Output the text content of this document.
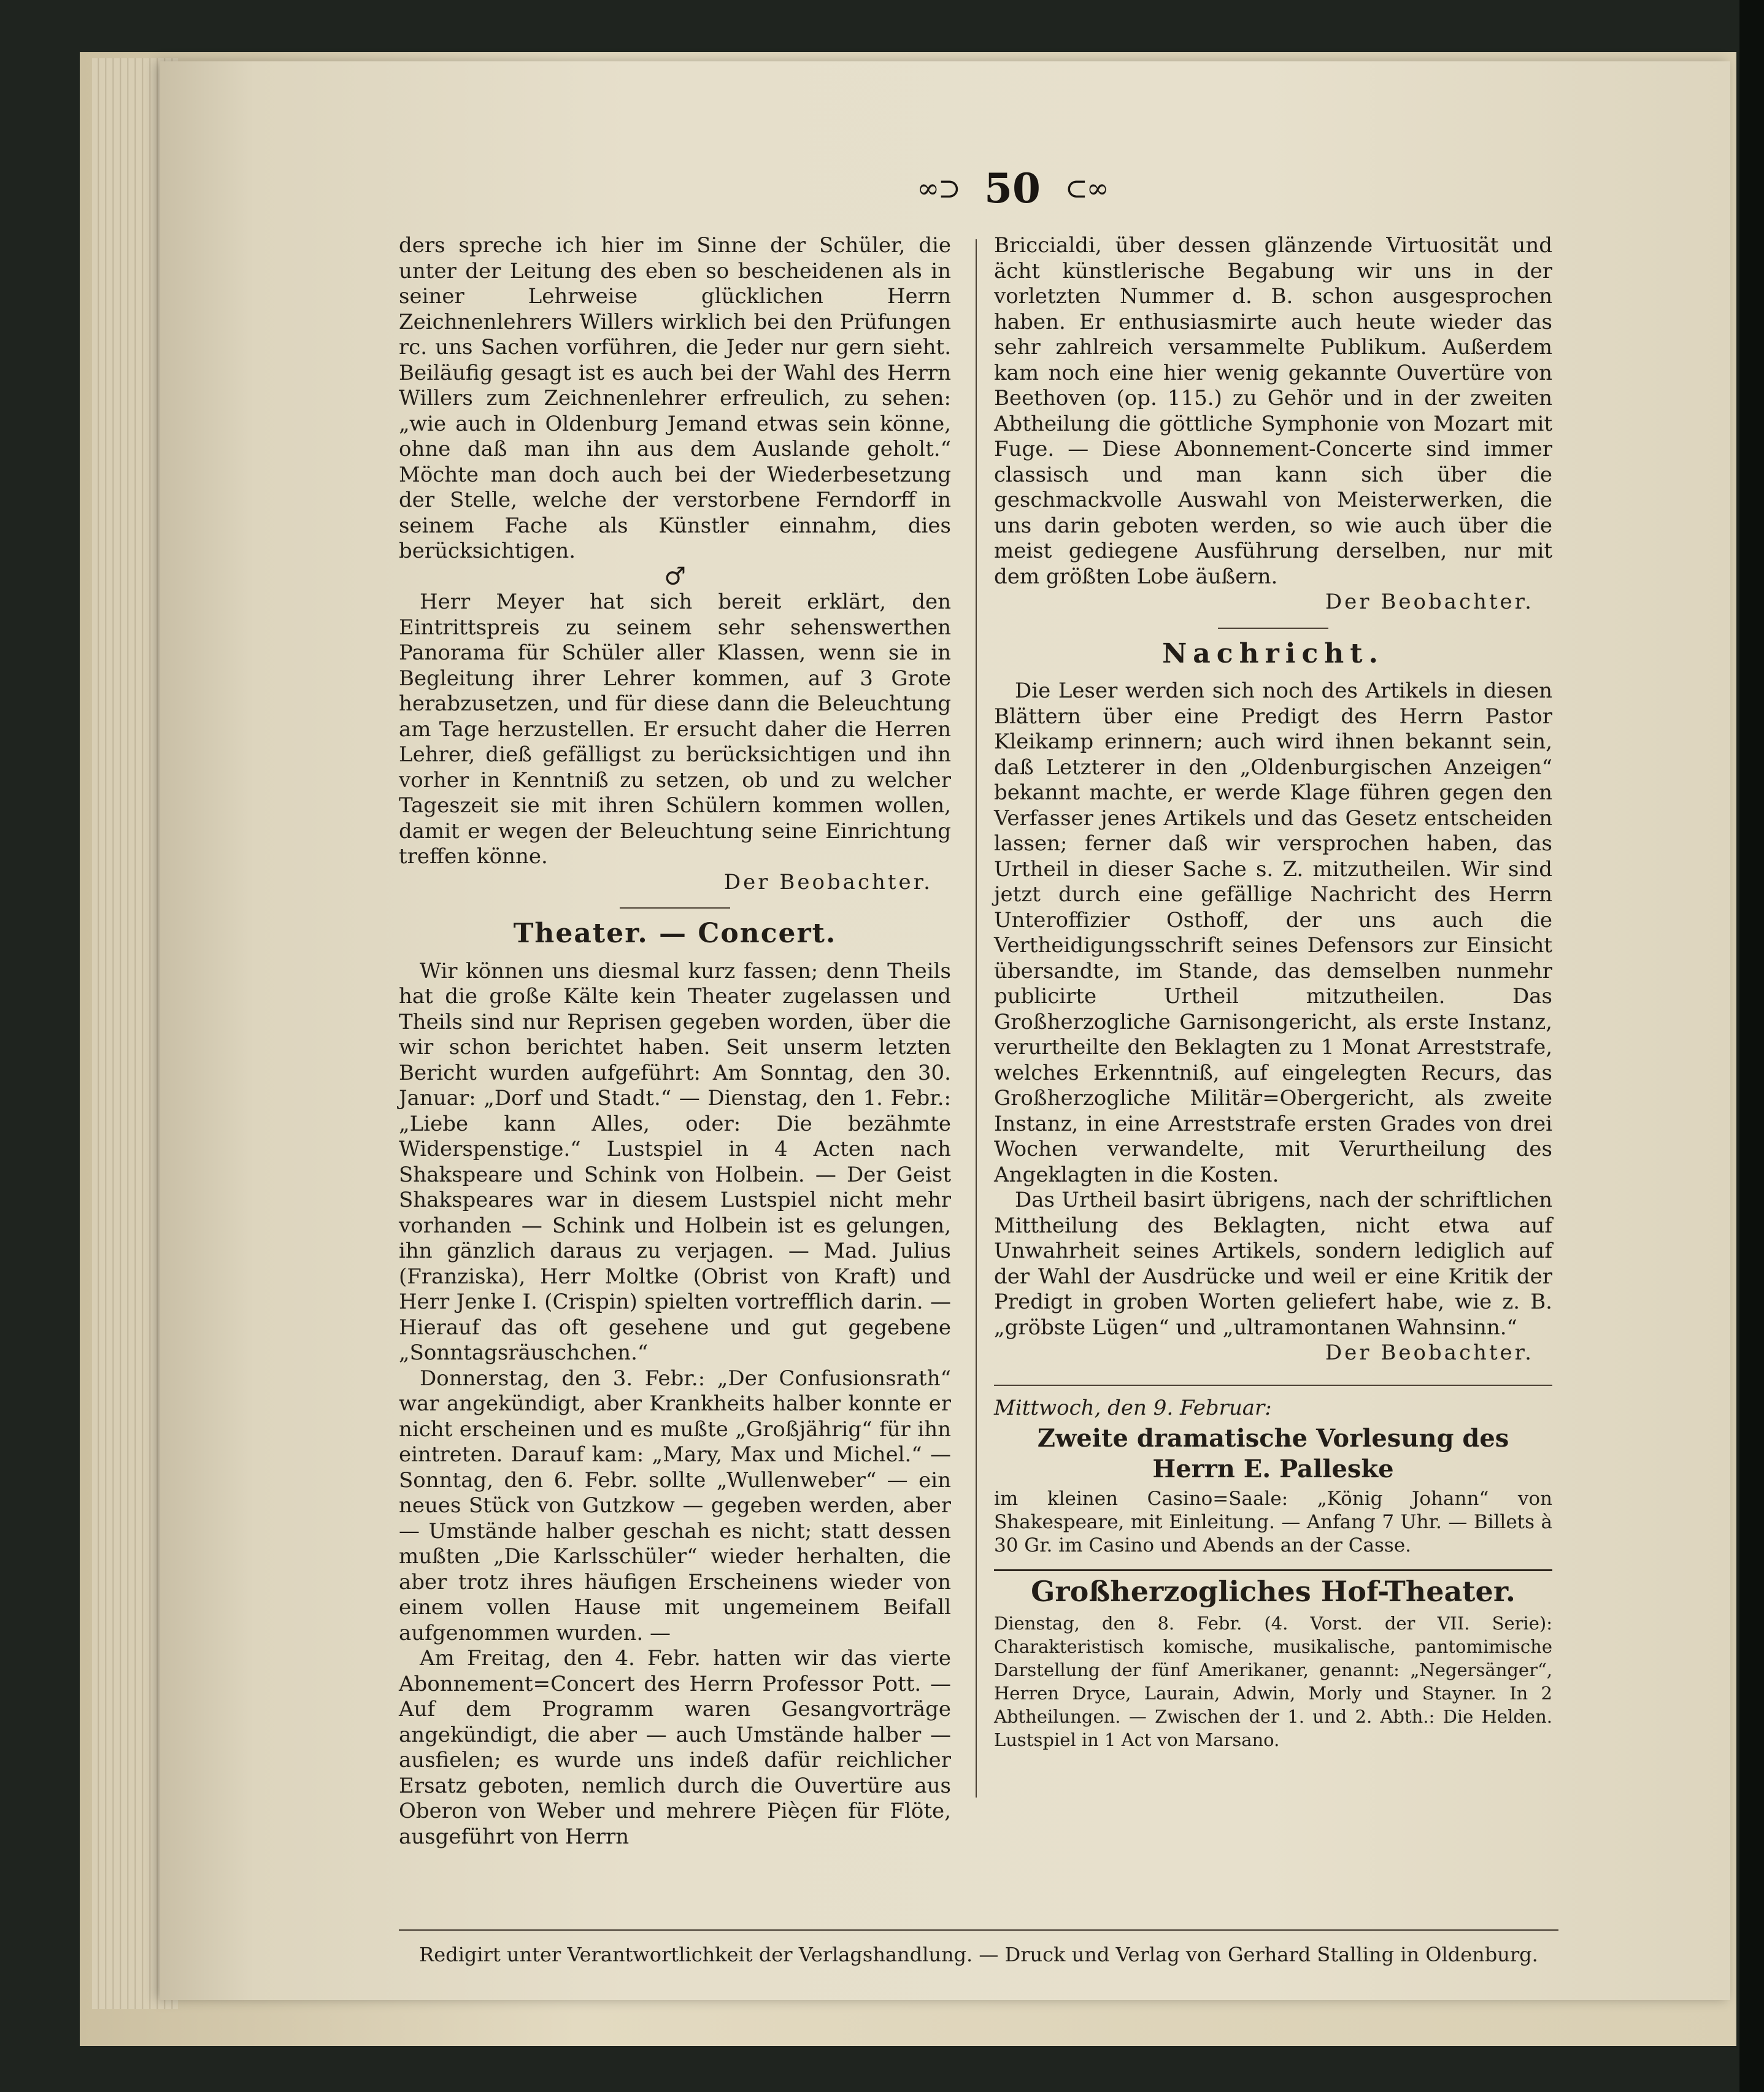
∞⊃ 50 ⊂∞

ders spreche ich hier im Sinne der Schüler, die unter der Leitung des eben so bescheidenen als in seiner Lehrweise glücklichen Herrn Zeichnenlehrers Willers wirklich bei den Prüfungen rc. uns Sachen vorführen, die Jeder nur gern sieht. Beiläufig gesagt ist es auch bei der Wahl des Herrn Willers zum Zeichnenlehrer erfreulich, zu sehen: „wie auch in Oldenburg Jemand etwas sein könne, ohne daß man ihn aus dem Auslande geholt.“ Möchte man doch auch bei der Wiederbesetzung der Stelle, welche der verstorbene Ferndorff in seinem Fache als Künstler einnahm, dies berücksichtigen.

♂

Herr Meyer hat sich bereit erklärt, den Eintrittspreis zu seinem sehr sehenswerthen Panorama für Schüler aller Klassen, wenn sie in Begleitung ihrer Lehrer kommen, auf 3 Grote herabzusetzen, und für diese dann die Beleuchtung am Tage herzustellen. Er ersucht daher die Herren Lehrer, dieß gefälligst zu berücksichtigen und ihn vorher in Kenntniß zu setzen, ob und zu welcher Tageszeit sie mit ihren Schülern kommen wollen, damit er wegen der Beleuchtung seine Einrichtung treffen könne.

Der Beobachter.
Theater. — Concert.

Wir können uns diesmal kurz fassen; denn Theils hat die große Kälte kein Theater zugelassen und Theils sind nur Reprisen gegeben worden, über die wir schon berichtet haben. Seit unserm letzten Bericht wurden aufgeführt: Am Sonntag, den 30. Januar: „Dorf und Stadt.“ — Dienstag, den 1. Febr.: „Liebe kann Alles, oder: Die bezähmte Widerspenstige.“ Lustspiel in 4 Acten nach Shakspeare und Schink von Holbein. — Der Geist Shakspeares war in diesem Lustspiel nicht mehr vorhanden — Schink und Holbein ist es gelungen, ihn gänzlich daraus zu verjagen. — Mad. Julius (Franziska), Herr Moltke (Obrist von Kraft) und Herr Jenke I. (Crispin) spielten vortrefflich darin. — Hierauf das oft gesehene und gut gegebene „Sonntagsräuschchen.“

Donnerstag, den 3. Febr.: „Der Confusionsrath“ war angekündigt, aber Krankheits halber konnte er nicht erscheinen und es mußte „Großjährig“ für ihn eintreten. Darauf kam: „Mary, Max und Michel.“ — Sonntag, den 6. Febr. sollte „Wullenweber“ — ein neues Stück von Gutzkow — gegeben werden, aber — Umstände halber geschah es nicht; statt dessen mußten „Die Karlsschüler“ wieder herhalten, die aber trotz ihres häufigen Erscheinens wieder von einem vollen Hause mit ungemeinem Beifall aufgenommen wurden. —

Am Freitag, den 4. Febr. hatten wir das vierte Abonnement=Concert des Herrn Professor Pott. — Auf dem Programm waren Gesangvorträge angekündigt, die aber — auch Umstände halber — ausfielen; es wurde uns indeß dafür reichlicher Ersatz geboten, nemlich durch die Ouvertüre aus Oberon von Weber und mehrere Pièçen für Flöte, ausgeführt von Herrn

Briccialdi, über dessen glänzende Virtuosität und ächt künstlerische Begabung wir uns in der vorletzten Nummer d. B. schon ausgesprochen haben. Er enthusiasmirte auch heute wieder das sehr zahlreich versammelte Publikum. Außerdem kam noch eine hier wenig gekannte Ouvertüre von Beethoven (op. 115.) zu Gehör und in der zweiten Abtheilung die göttliche Symphonie von Mozart mit Fuge. — Diese Abonnement-Concerte sind immer classisch und man kann sich über die geschmackvolle Auswahl von Meisterwerken, die uns darin geboten werden, so wie auch über die meist gediegene Ausführung derselben, nur mit dem größten Lobe äußern.

Der Beobachter.
Nachricht.

Die Leser werden sich noch des Artikels in diesen Blättern über eine Predigt des Herrn Pastor Kleikamp erinnern; auch wird ihnen bekannt sein, daß Letzterer in den „Oldenburgischen Anzeigen“ bekannt machte, er werde Klage führen gegen den Verfasser jenes Artikels und das Gesetz entscheiden lassen; ferner daß wir versprochen haben, das Urtheil in dieser Sache s. Z. mitzutheilen. Wir sind jetzt durch eine gefällige Nachricht des Herrn Unteroffizier Osthoff, der uns auch die Vertheidigungsschrift seines Defensors zur Einsicht übersandte, im Stande, das demselben nunmehr publicirte Urtheil mitzutheilen. Das Großherzogliche Garnisongericht, als erste Instanz, verurtheilte den Beklagten zu 1 Monat Arreststrafe, welches Erkenntniß, auf eingelegten Recurs, das Großherzogliche Militär=Obergericht, als zweite Instanz, in eine Arreststrafe ersten Grades von drei Wochen verwandelte, mit Verurtheilung des Angeklagten in die Kosten.

Das Urtheil basirt übrigens, nach der schriftlichen Mittheilung des Beklagten, nicht etwa auf Unwahrheit seines Artikels, sondern lediglich auf der Wahl der Ausdrücke und weil er eine Kritik der Predigt in groben Worten geliefert habe, wie z. B. „gröbste Lügen“ und „ultramontanen Wahnsinn.“

Der Beobachter.
Mittwoch, den 9. Februar:
Zweite dramatische Vorlesung des Herrn E. Palleske

im kleinen Casino=Saale: „König Johann“ von Shakespeare, mit Einleitung. — Anfang 7 Uhr. — Billets à 30 Gr. im Casino und Abends an der Casse.

Großherzogliches Hof-Theater.

Dienstag, den 8. Febr. (4. Vorst. der VII. Serie): Charakteristisch komische, musikalische, pantomimische Darstellung der fünf Amerikaner, genannt: „Negersänger“, Herren Dryce, Laurain, Adwin, Morly und Stayner. In 2 Abtheilungen. — Zwischen der 1. und 2. Abth.: Die Helden. Lustspiel in 1 Act von Marsano.

Redigirt unter Verantwortlichkeit der Verlagshandlung. — Druck und Verlag von Gerhard Stalling in Oldenburg.
